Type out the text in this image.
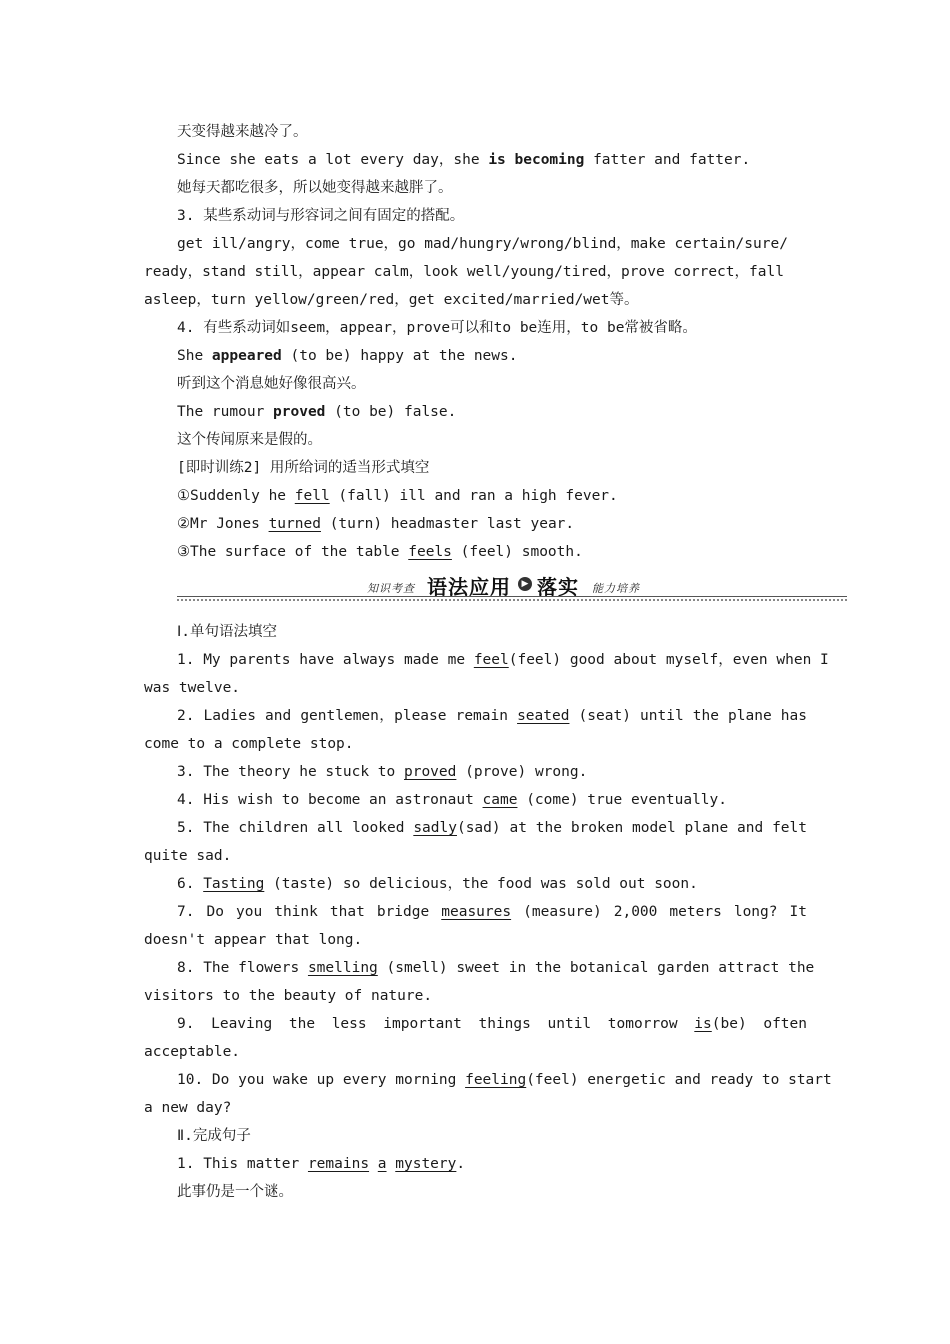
天变得越来越冷了。
Since she eats a lot every day，she is becoming fatter and fatter.
她每天都吃很多，所以她变得越来越胖了。
3. 某些系动词与形容词之间有固定的搭配。
get ill/angry，come true，go mad/hungry/wrong/blind，make certain/sure/
ready，stand still，appear calm，look well/young/tired，prove correct，fall
asleep，turn yellow/green/red，get excited/married/wet等。
4. 有些系动词如seem，appear，prove可以和to be连用，to be常被省略。
She appeared (to be) happy at the news.
听到这个消息她好像很高兴。
The rumour proved (to be) false.
这个传闻原来是假的。
[即时训练2] 用所给词的适当形式填空
①Suddenly he fell (fall) ill and ran a high fever.
②Mr Jones turned (turn) headmaster last year.
③The surface of the table feels (feel) smooth.
知识考查 语法应用	▶ 落实 能力培养
Ⅰ.单句语法填空
1. My parents have always made me feel(feel) good about myself，even when I
was twelve.
2. Ladies and gentlemen，please remain seated (seat) until the plane has
come to a complete stop.
3. The theory he stuck to proved (prove) wrong.
4. His wish to become an astronaut came (come) true eventually.
5. The children all looked sadly(sad) at the broken model plane and felt
quite sad.
6. Tasting (taste) so delicious，the food was sold out soon.
7. Do you think that bridge measures (measure) 2,000 meters long? It
doesn't appear that long.
8. The flowers smelling (smell) sweet in the botanical garden attract the
visitors to the beauty of nature.
9. Leaving the less important things until tomorrow is(be) often
acceptable.
10. Do you wake up every morning feeling(feel) energetic and ready to start
a new day?
Ⅱ.完成句子
1. This matter remains a mystery.
此事仍是一个谜。
